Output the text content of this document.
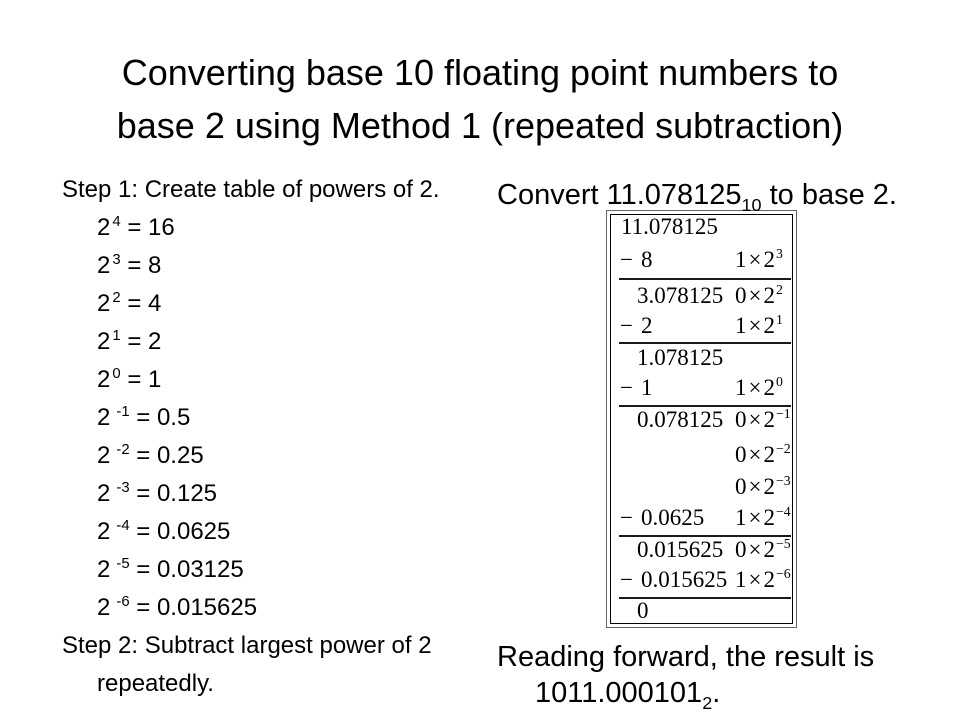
Converting base 10 floating point numbers to
base 2 using Method 1 (repeated subtraction)
Step 1: Create table of powers of 2.
2 $^4$ = 16
2 $^3$ = 8
2 $^2$ = 4
2 $^1$ = 2
2 $^0$ = 1
2 $^{-1}$ = 0.5
2 $^{-2}$ = 0.25
2 $^{-3}$ = 0.125
2 $^{-4}$ = 0.0625
2 $^{-5}$ = 0.03125
2 $^{-6}$ = 0.015625
Step 2: Subtract largest power of 2 repeatedly.
Convert $11.078125_{10}$ to base 2.
11.078125
− 8	$1\times 2^3$
3.078125 $0\times 2^2$
− 2	$1\times 2^1$
1.078125
− 1	$1\times 2^0$
0.078125 $0\times 2^{-1}$
$0\times 2^{-2}$
$0\times 2^{-3}$
− 0.0625 $1\times 2^{-4}$
0.015625 $0\times 2^{-5}$
− 0.015625 $1\times 2^{-6}$
0
Reading forward, the result is $1011.000101_2$.
